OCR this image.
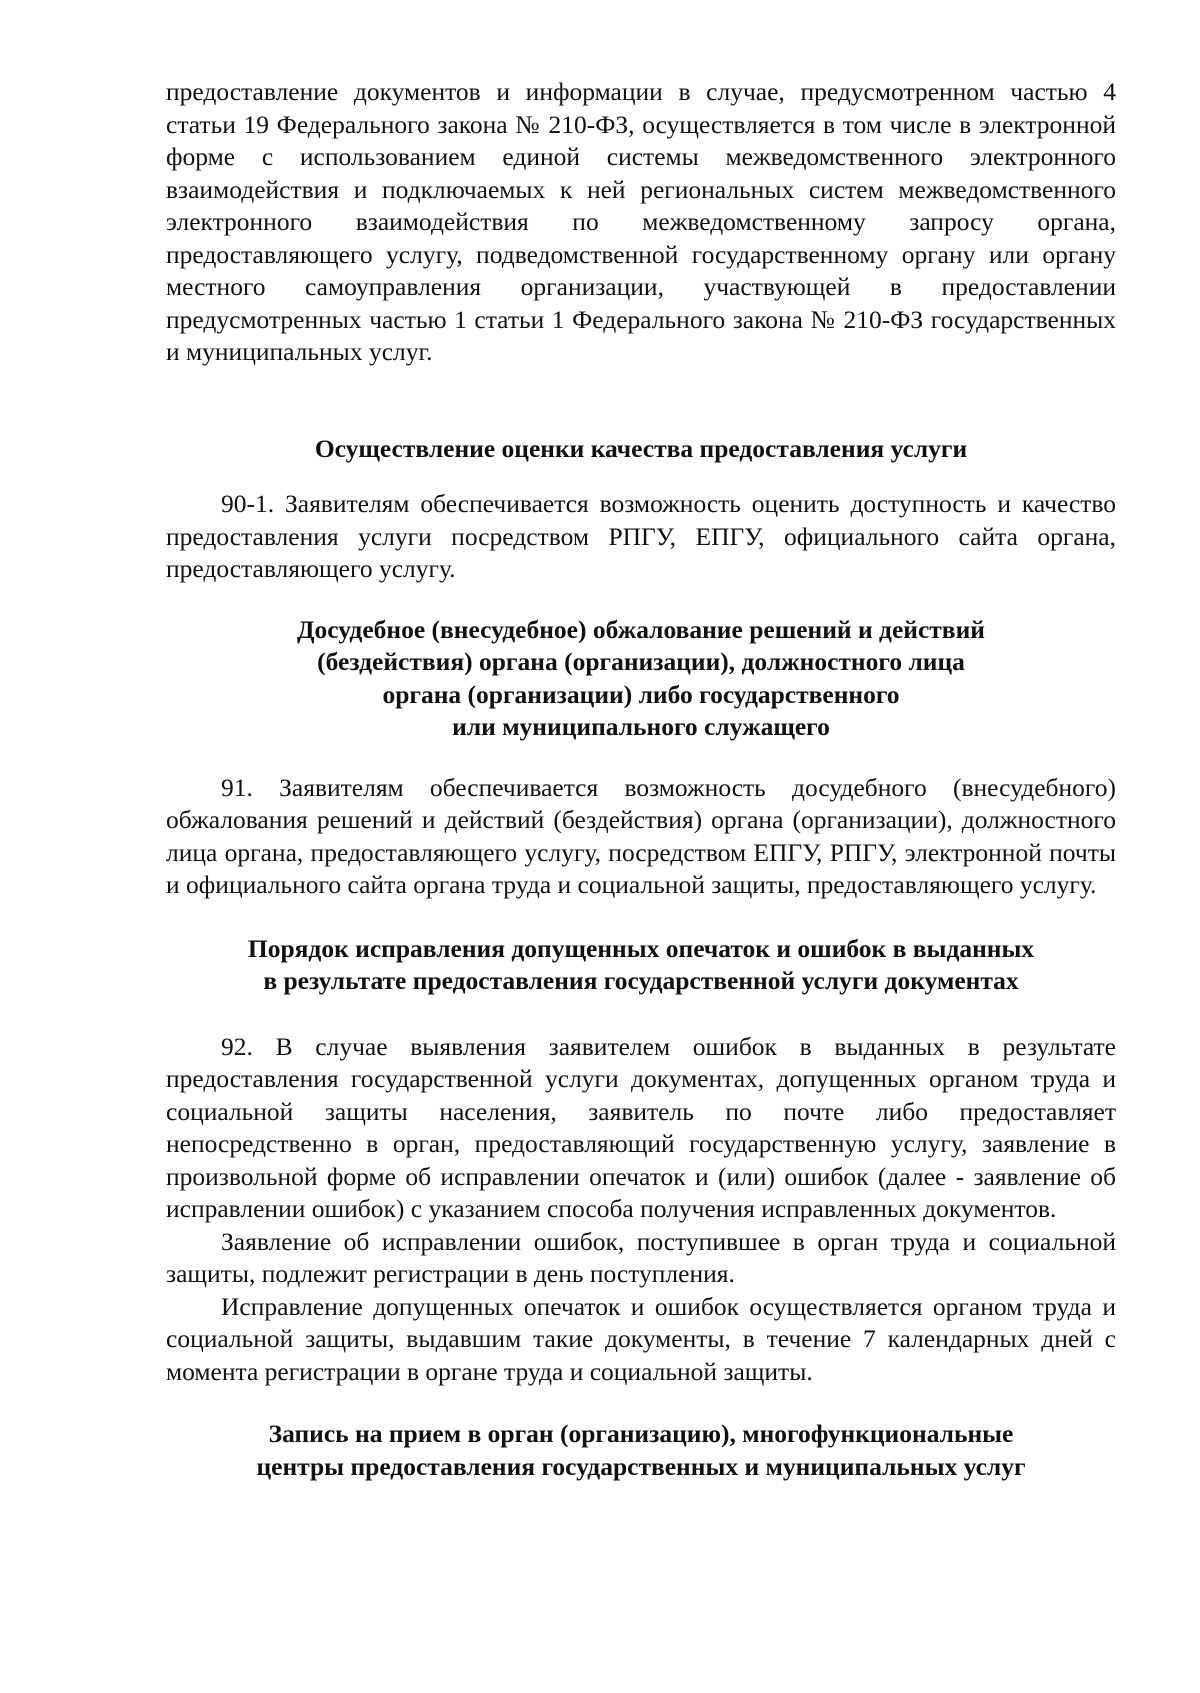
предоставление документов и информации в случае, предусмотренном частью 4 статьи 19 Федерального закона № 210-ФЗ, осуществляется в том числе в электронной форме с использованием единой системы межведомственного электронного взаимодействия и подключаемых к ней региональных систем межведомственного электронного взаимодействия по межведомственному запросу органа, предоставляющего услугу, подведомственной государственному органу или органу местного самоуправления организации, участвующей в предоставлении предусмотренных частью 1 статьи 1 Федерального закона № 210-ФЗ государственных и муниципальных услуг.

Осуществление оценки качества предоставления услуги

90-1. Заявителям обеспечивается возможность оценить доступность и качество предоставления услуги посредством РПГУ, ЕПГУ, официального сайта органа, предоставляющего услугу.

Досудебное (внесудебное) обжалование решений и действий
(бездействия) органа (организации), должностного лица
органа (организации) либо государственного
или муниципального служащего

91. Заявителям обеспечивается возможность досудебного (внесудебного) обжалования решений и действий (бездействия) органа (организации), должностного лица органа, предоставляющего услугу, посредством ЕПГУ, РПГУ, электронной почты и официального сайта органа труда и социальной защиты, предоставляющего услугу.

Порядок исправления допущенных опечаток и ошибок в выданных
в результате предоставления государственной услуги документах

92. В случае выявления заявителем ошибок в выданных в результате предоставления государственной услуги документах, допущенных органом труда и социальной защиты населения, заявитель по почте либо предоставляет непосредственно в орган, предоставляющий государственную услугу, заявление в произвольной форме об исправлении опечаток и (или) ошибок (далее - заявление об исправлении ошибок) с указанием способа получения исправленных документов.

Заявление об исправлении ошибок, поступившее в орган труда и социальной защиты, подлежит регистрации в день поступления.

Исправление допущенных опечаток и ошибок осуществляется органом труда и социальной защиты, выдавшим такие документы, в течение 7 календарных дней с момента регистрации в органе труда и социальной защиты.

Запись на прием в орган (организацию), многофункциональные
центры предоставления государственных и муниципальных услуг
